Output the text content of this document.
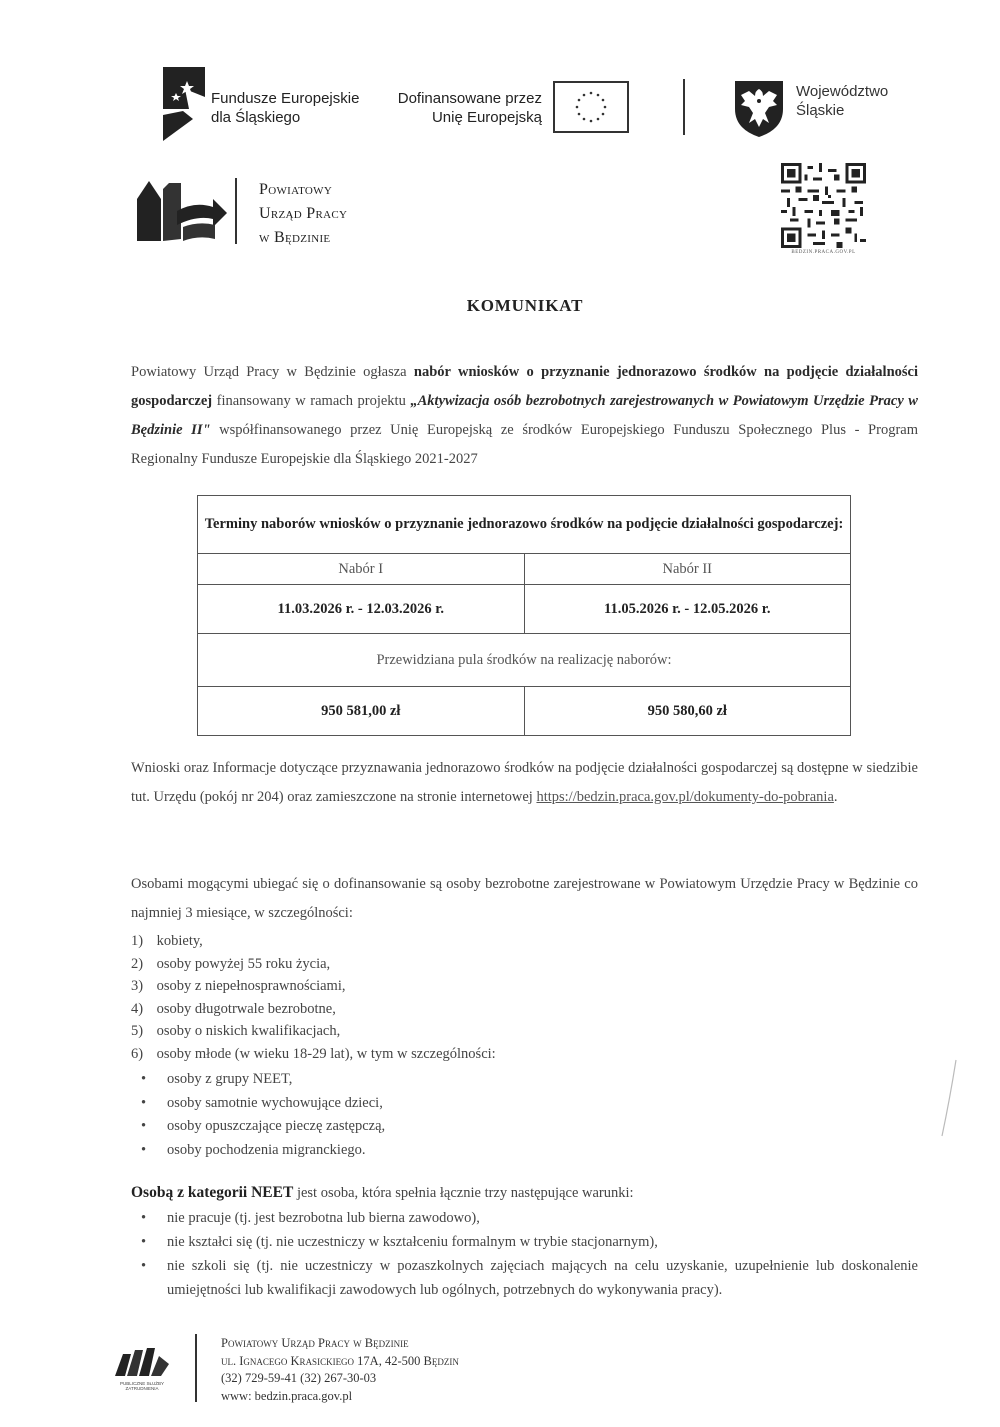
Fundusze Europejskie
dla Śląskiego
Dofinansowane przez
Unię Europejską
Województwo
Śląskie
Powiatowy
Urząd Pracy
w Będzinie
BEDZIN.PRACA.GOV.PL
KOMUNIKAT
Powiatowy Urząd Pracy w Będzinie ogłasza nabór wniosków o przyznanie jednorazowo środków na podjęcie działalności gospodarczej finansowany w ramach projektu „Aktywizacja osób bezrobotnych zarejestrowanych w Powiatowym Urzędzie Pracy w Będzinie II" współfinansowanego przez Unię Europejską ze środków Europejskiego Funduszu Społecznego Plus - Program Regionalny Fundusze Europejskie dla Śląskiego 2021-2027
Terminy naborów wniosków o przyznanie jednorazowo środków na podjęcie działalności gospodarczej:	
Nabór I	Nabór II
11.03.2026 r. - 12.03.2026 r.	11.05.2026 r. - 12.05.2026 r.
Przewidziana pula środków na realizację naborów:	
950 581,00 zł	950 580,60 zł
Wnioski oraz Informacje dotyczące przyznawania jednorazowo środków na podjęcie działalności gospodarczej są dostępne w siedzibie tut. Urzędu (pokój nr 204) oraz zamieszczone na stronie internetowej https://bedzin.praca.gov.pl/dokumenty-do-pobrania.
Osobami mogącymi ubiegać się o dofinansowanie są osoby bezrobotne zarejestrowane w Powiatowym Urzędzie Pracy w Będzinie co najmniej 3 miesiące, w szczególności:
1) kobiety,
2) osoby powyżej 55 roku życia,
3) osoby z niepełnosprawnościami,
4) osoby długotrwale bezrobotne,
5) osoby o niskich kwalifikacjach,
6) osoby młode (w wieku 18-29 lat), w tym w szczególności:
• osoby z grupy NEET,
• osoby samotnie wychowujące dzieci,
• osoby opuszczające pieczę zastępczą,
• osoby pochodzenia migranckiego.
Osobą z kategorii NEET jest osoba, która spełnia łącznie trzy następujące warunki:
• nie pracuje (tj. jest bezrobotna lub bierna zawodowo),
• nie kształci się (tj. nie uczestniczy w kształceniu formalnym w trybie stacjonarnym),
• nie szkoli się (tj. nie uczestniczy w pozaszkolnych zajęciach mających na celu uzyskanie, uzupełnienie lub doskonalenie umiejętności lub kwalifikacji zawodowych lub ogólnych, potrzebnych do wykonywania pracy).
PUBLICZNE SŁUŻBY ZATRUDNIENIA
Powiatowy Urząd Pracy w Będzinie
ul. Ignacego Krasickiego 17A, 42-500 Będzin
(32) 729-59-41 (32) 267-30-03
www: bedzin.praca.gov.pl
